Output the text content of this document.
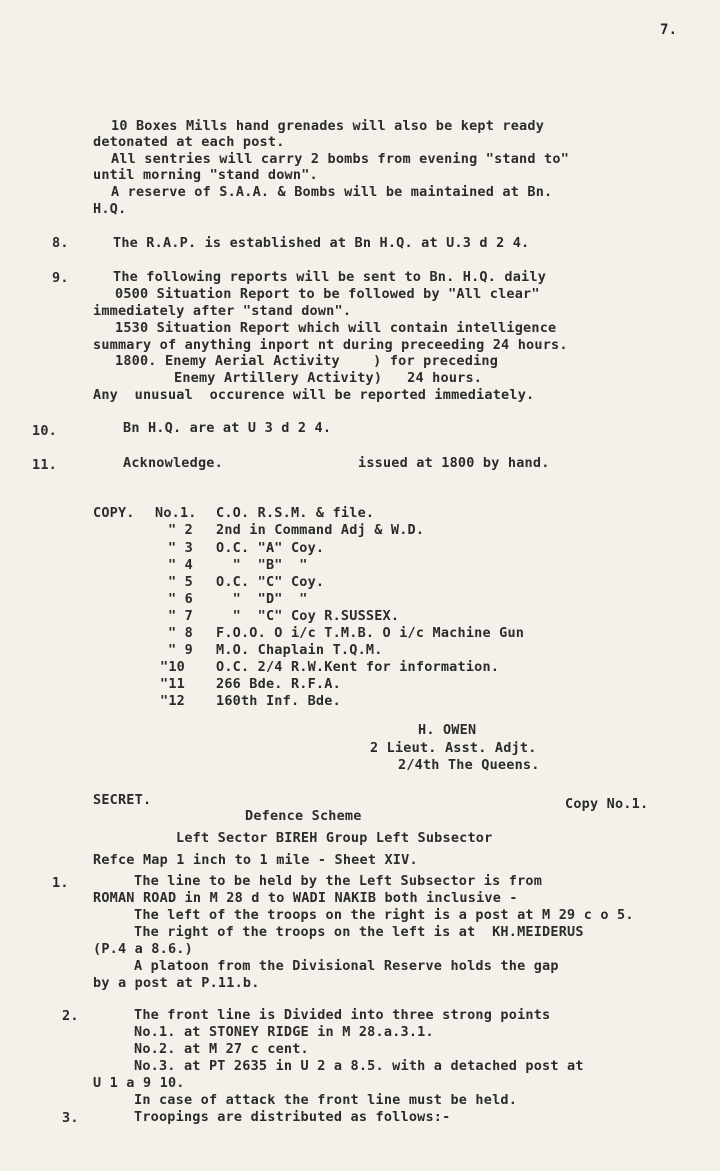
7.
10 Boxes Mills hand grenades will also be kept ready
detonated at each post.
All sentries will carry 2 bombs from evening "stand to"
until morning "stand down".
A reserve of S.A.A. & Bombs will be maintained at Bn.
H.Q.
8.	The R.A.P. is established at Bn H.Q. at U.3 d 2 4.
9.	The following reports will be sent to Bn. H.Q. daily
0500 Situation Report to be followed by "All clear"
immediately after "stand down".
1530 Situation Report which will contain intelligence
summary of anything inport nt during preceeding 24 hours.
1800. Enemy Aerial Activity    ) for preceding
Enemy Artillery Activity)   24 hours.
Any  unusual  occurence will be reported immediately.
10.	Bn H.Q. are at U 3 d 2 4.
11.	Acknowledge.	issued at 1800 by hand.
COPY. No.1. C.O. R.S.M. & file.
" 2 2nd in Command Adj & W.D.
" 3 O.C. "A" Coy.
" 4 "  "B"  "
" 5 O.C. "C" Coy.
" 6 "  "D"  "
" 7 "  "C" Coy R.SUSSEX.
" 8 F.O.O. O i/c T.M.B. O i/c Machine Gun
" 9 M.O. Chaplain T.Q.M.
"10 O.C. 2/4 R.W.Kent for information.
"11 266 Bde. R.F.A.
"12 160th Inf. Bde.
H. OWEN
2 Lieut. Asst. Adjt.
2/4th The Queens.
SECRET.	Copy No.1.
Defence Scheme
Left Sector BIREH Group Left Subsector
Refce Map 1 inch to 1 mile - Sheet XIV.
1.	The line to be held by the Left Subsector is from
ROMAN ROAD in M 28 d to WADI NAKIB both inclusive -
The left of the troops on the right is a post at M 29 c o 5.
The right of the troops on the left is at  KH.MEIDERUS
(P.4 a 8.6.)
A platoon from the Divisional Reserve holds the gap
by a post at P.11.b.
2.	The front line is Divided into three strong points
No.1. at STONEY RIDGE in M 28.a.3.1.
No.2. at M 27 c cent.
No.3. at PT 2635 in U 2 a 8.5. with a detached post at
U 1 a 9 10.
In case of attack the front line must be held.
3.	Troopings are distributed as follows:-
